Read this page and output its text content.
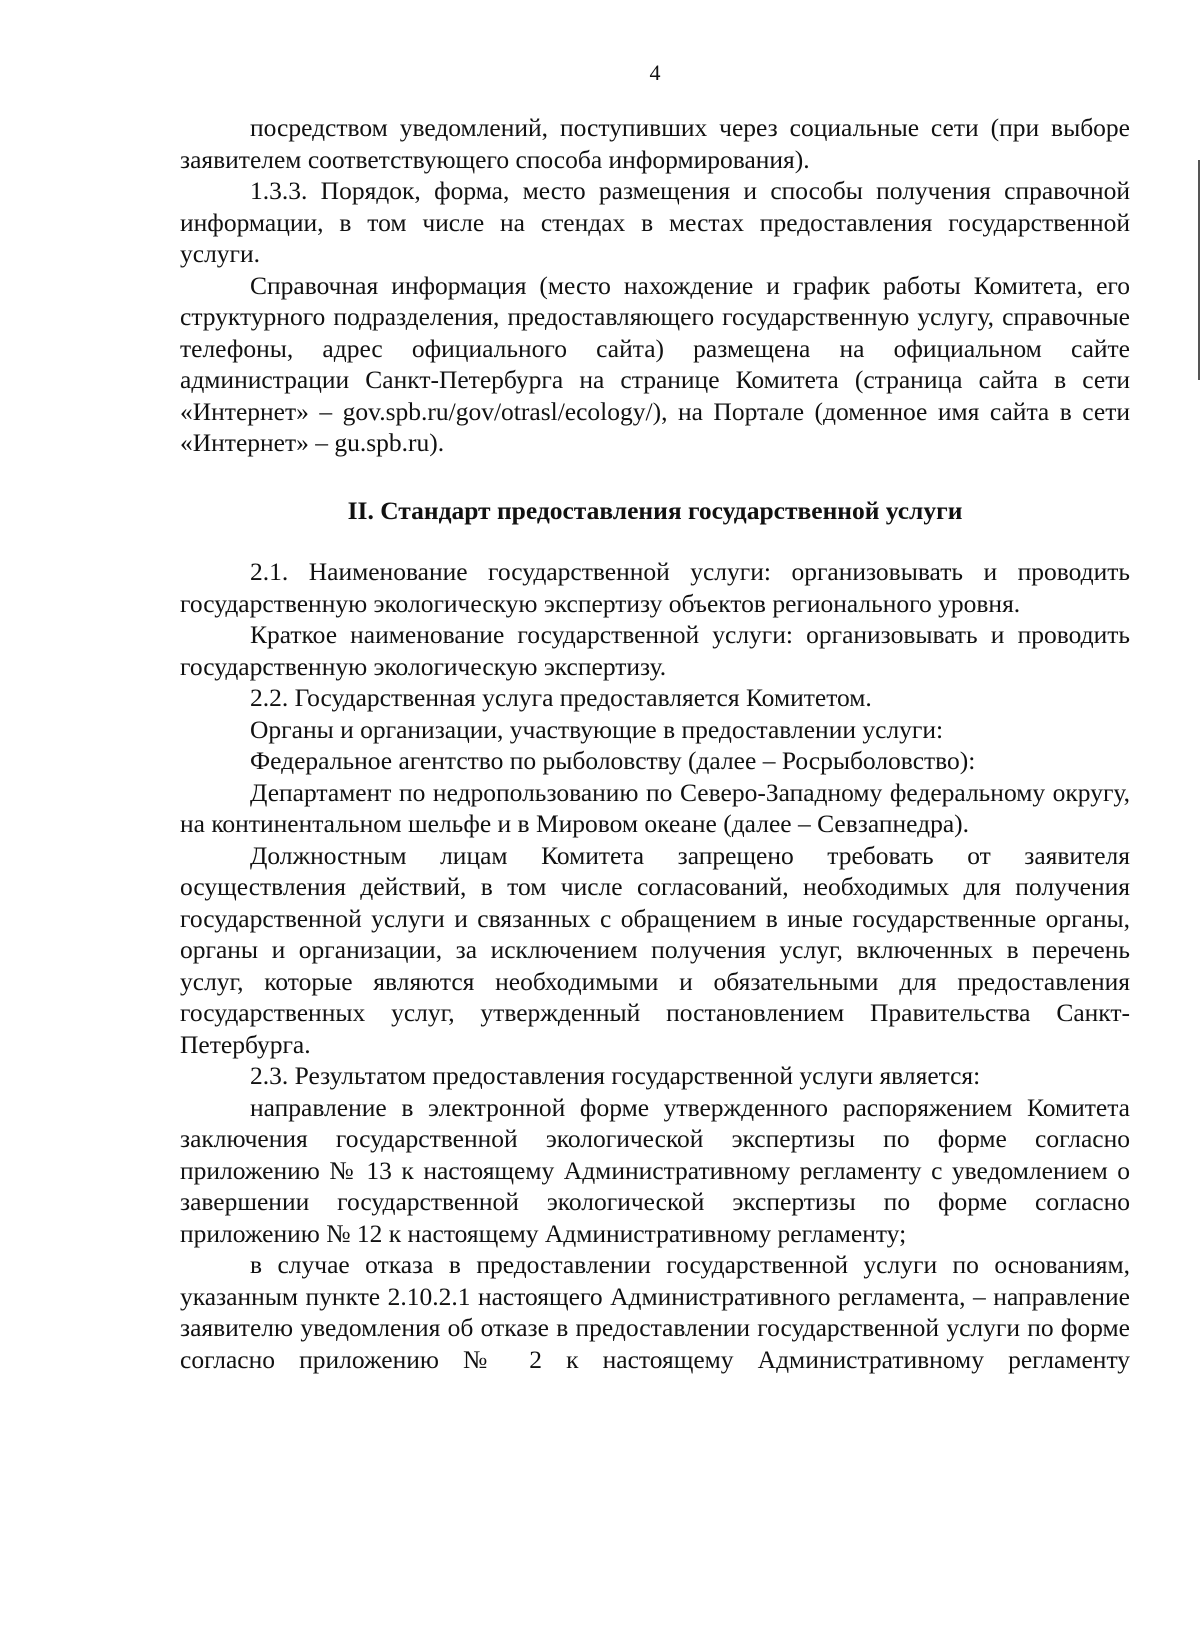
4

посредством уведомлений, поступивших через социальные сети (при выборе заявителем соответствующего способа информирования).

1.3.3. Порядок, форма, место размещения и способы получения справочной информации, в том числе на стендах в местах предоставления государственной услуги.

Справочная информация (место нахождение и график работы Комитета, его структурного подразделения, предоставляющего государственную услугу, справочные телефоны, адрес официального сайта) размещена на официальном сайте администрации Санкт-Петербурга на странице Комитета (страница сайта в сети «Интернет» – gov.spb.ru/gov/otrasl/ecology/), на Портале (доменное имя сайта в сети «Интернет» – gu.spb.ru).

II. Стандарт предоставления государственной услуги

2.1. Наименование государственной услуги: организовывать и проводить государственную экологическую экспертизу объектов регионального уровня.

Краткое наименование государственной услуги: организовывать и проводить государственную экологическую экспертизу.

2.2. Государственная услуга предоставляется Комитетом.

Органы и организации, участвующие в предоставлении услуги:

Федеральное агентство по рыболовству (далее – Росрыболовство):

Департамент по недропользованию по Северо-Западному федеральному округу, на континентальном шельфе и в Мировом океане (далее – Севзапнедра).

Должностным лицам Комитета запрещено требовать от заявителя осуществления действий, в том числе согласований, необходимых для получения государственной услуги и связанных с обращением в иные государственные органы, органы и организации, за исключением получения услуг, включенных в перечень услуг, которые являются необходимыми и обязательными для предоставления государственных услуг, утвержденный постановлением Правительства Санкт-Петербурга.

2.3. Результатом предоставления государственной услуги является:

направление в электронной форме утвержденного распоряжением Комитета заключения государственной экологической экспертизы по форме согласно приложению № 13 к настоящему Административному регламенту с уведомлением о завершении государственной экологической экспертизы по форме согласно приложению № 12 к настоящему Административному регламенту;

в случае отказа в предоставлении государственной услуги по основаниям, указанным пункте 2.10.2.1 настоящего Административного регламента, – направление заявителю уведомления об отказе в предоставлении государственной услуги по форме согласно приложению № 2 к настоящему Административному регламенту
